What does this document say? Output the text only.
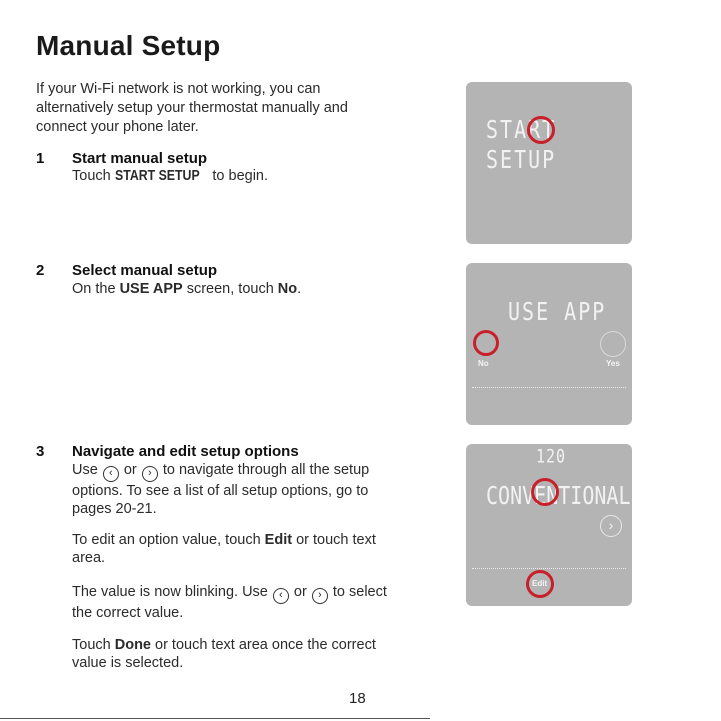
Manual Setup
If your Wi-Fi network is not working, you can alternatively setup your thermostat manually and connect your phone later.
1 Start manual setup
Touch START SETUP to begin.
2 Select manual setup
On the USE APP screen, touch No.
3 Navigate and edit setup options
Use ‹ or › to navigate through all the setup options. To see a list of all setup options, go to pages 20-21.
To edit an option value, touch Edit or touch text area.
The value is now blinking. Use ‹ or › to select the correct value.
Touch Done or touch text area once the correct value is selected.
START SETUP
USE APP
No	Yes
120
CONVENTIONAL
›
Edit
18
